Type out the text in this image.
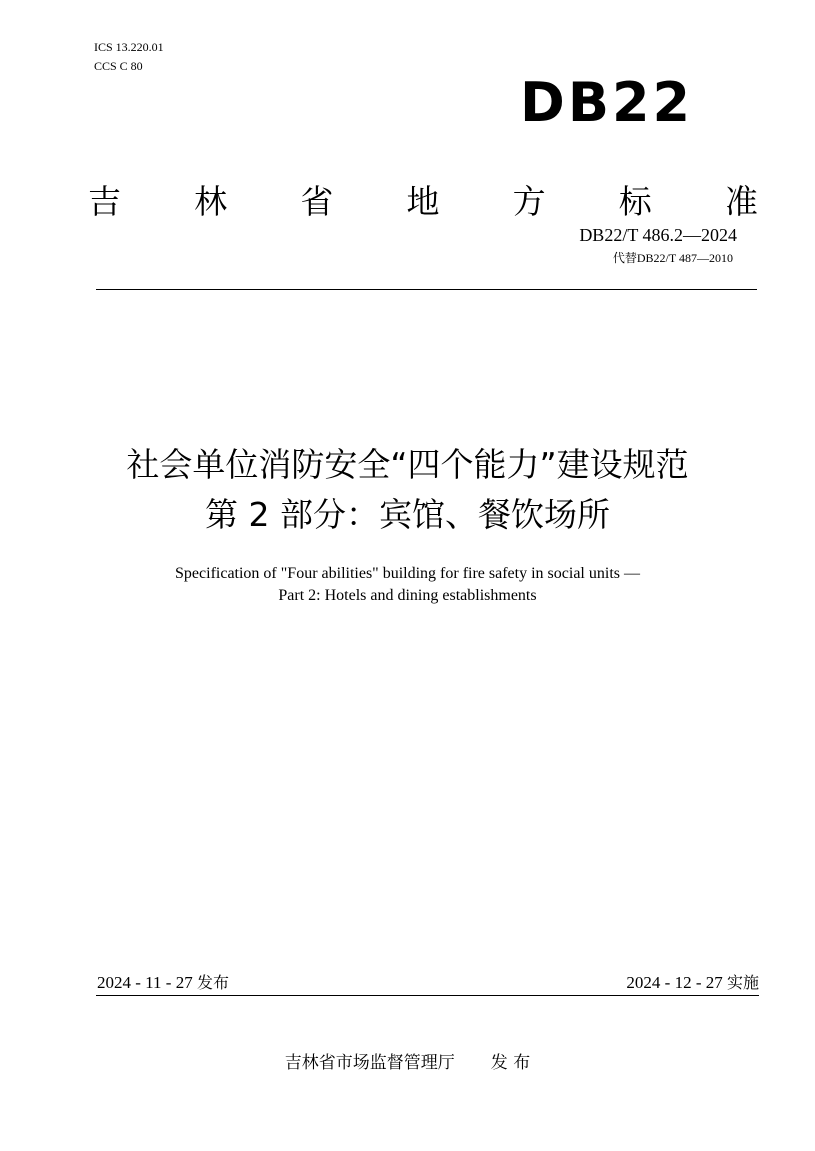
ICS 13.220.01
CCS C 80
DB22
吉 林 省 地 方 标 准
DB22/T 486.2—2024
代替DB22/T 487—2010
社会单位消防安全“四个能力”建设规范
第 2 部分：宾馆、餐饮场所
Specification of "Four abilities" building for fire safety in social units —
Part 2: Hotels and dining establishments
2024 - 11 - 27 发布	2024 - 12 - 27 实施
吉林省市场监督管理厅 发 布
